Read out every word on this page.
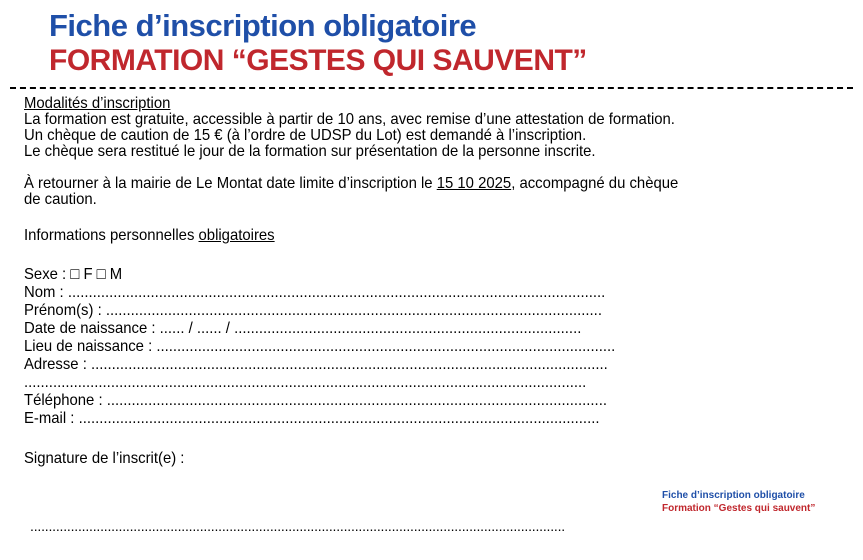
Fiche d’inscription obligatoire
FORMATION “GESTES QUI SAUVENT”
Modalités d’inscription
La formation est gratuite, accessible à partir de 10 ans, avec remise d’une attestation de formation.
Un chèque de caution de 15 € (à l’ordre de UDSP du Lot) est demandé à l’inscription.
Le chèque sera restitué le jour de la formation sur présentation de la personne inscrite.
À retourner à la mairie de Le Montat date limite d’inscription le 15 10 2025, accompagné du chèque
de caution.
Informations personnelles obligatoires
Sexe : □ F □ M
Nom : ..................................................................................................................................
Prénom(s) : ........................................................................................................................
Date de naissance : ...... / ...... / ....................................................................................
Lieu de naissance : ...............................................................................................................
Adresse : .............................................................................................................................
........................................................................................................................................
Téléphone : .........................................................................................................................
E-mail : ..............................................................................................................................
Signature de l’inscrit(e) :
Fiche d’inscription obligatoire
Formation “Gestes qui sauvent”
.................................................................................................................................................
